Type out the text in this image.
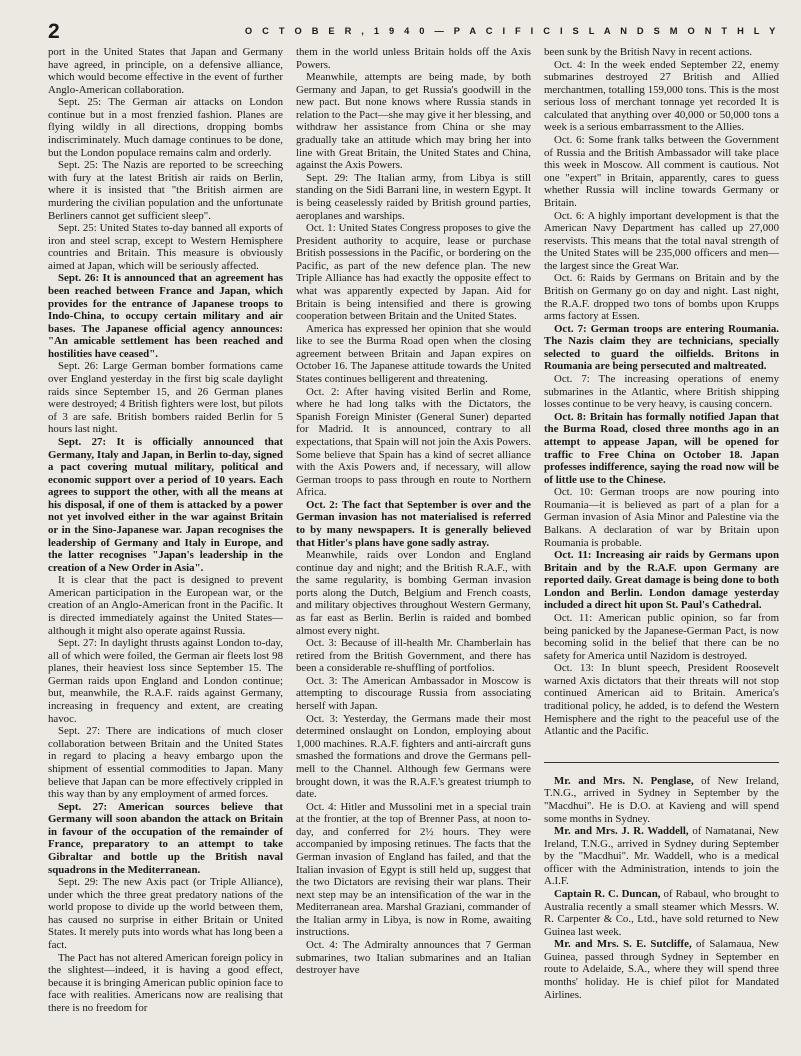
2	O C T O B E R , 1 9 4 0 — P A C I F I C I S L A N D S M O N T H L Y

port in the United States that Japan and Germany have agreed, in principle, on a defensive alliance, which would become effective in the event of further Anglo-American collaboration.

Sept. 25: The German air attacks on London continue but in a most frenzied fashion. Planes are flying wildly in all directions, dropping bombs indiscriminately. Much damage continues to be done, but the London populace remains calm and orderly.

Sept. 25: The Nazis are reported to be screeching with fury at the latest British air raids on Berlin, where it is insisted that "the British airmen are murdering the civilian population and the unfortunate Berliners cannot get sufficient sleep".

Sept. 25: United States to-day banned all exports of iron and steel scrap, except to Western Hemisphere countries and Britain. This measure is obviously aimed at Japan, which will be seriously affected.

Sept. 26: It is announced that an agreement has been reached between France and Japan, which provides for the entrance of Japanese troops to Indo-China, to occupy certain military and air bases. The Japanese official agency announces: "An amicable settlement has been reached and hostilities have ceased".

Sept. 26: Large German bomber formations came over England yesterday in the first big scale daylight raids since September 15, and 26 German planes were destroyed; 4 British fighters were lost, but pilots of 3 are safe. British bombers raided Berlin for 5 hours last night.

Sept. 27: It is officially announced that Germany, Italy and Japan, in Berlin to-day, signed a pact covering mutual military, political and economic support over a period of 10 years. Each agrees to support the other, with all the means at his disposal, if one of them is attacked by a power not yet involved either in the war against Britain or in the Sino-Japanese war. Japan recognises the leadership of Germany and Italy in Europe, and the latter recognises "Japan's leadership in the creation of a New Order in Asia".

It is clear that the pact is designed to prevent American participation in the European war, or the creation of an Anglo-American front in the Pacific. It is directed immediately against the United States—although it might also operate against Russia.

Sept. 27: In daylight thrusts against London to-day, all of which were foiled, the German air fleets lost 98 planes, their heaviest loss since September 15. The German raids upon England and London continue; but, meanwhile, the R.A.F. raids against Germany, increasing in frequency and extent, are creating havoc.

Sept. 27: There are indications of much closer collaboration between Britain and the United States in regard to placing a heavy embargo upon the shipment of essential commodities to Japan. Many believe that Japan can be more effectively crippled in this way than by any employment of armed forces.

Sept. 27: American sources believe that Germany will soon abandon the attack on Britain in favour of the occupation of the remainder of France, preparatory to an attempt to take Gibraltar and bottle up the British naval squadrons in the Mediterranean.

Sept. 29: The new Axis pact (or Triple Alliance), under which the three great predatory nations of the world propose to divide up the world between them, has caused no surprise in either Britain or United States. It merely puts into words what has long been a fact.

The Pact has not altered American foreign policy in the slightest—indeed, it is having a good effect, because it is bringing American public opinion face to face with realities. Americans now are realising that there is no freedom for

them in the world unless Britain holds off the Axis Powers.

Meanwhile, attempts are being made, by both Germany and Japan, to get Russia's goodwill in the new pact. But none knows where Russia stands in relation to the Pact—she may give it her blessing, and withdraw her assistance from China or she may gradually take an attitude which may bring her into line with Great Britain, the United States and China, against the Axis Powers.

Sept. 29: The Italian army, from Libya is still standing on the Sidi Barrani line, in western Egypt. It is being ceaselessly raided by British ground parties, aeroplanes and warships.

Oct. 1: United States Congress proposes to give the President authority to acquire, lease or purchase British possessions in the Pacific, or bordering on the Pacific, as part of the new defence plan. The new Triple Alliance has had exactly the opposite effect to what was apparently expected by Japan. Aid for Britain is being intensified and there is growing cooperation between Britain and the United States.

America has expressed her opinion that she would like to see the Burma Road open when the closing agreement between Britain and Japan expires on October 16. The Japanese attitude towards the United States continues belligerent and threatening.

Oct. 2: After having visited Berlin and Rome, where he had long talks with the Dictators, the Spanish Foreign Minister (General Suner) departed for Madrid. It is announced, contrary to all expectations, that Spain will not join the Axis Powers. Some believe that Spain has a kind of secret alliance with the Axis Powers and, if necessary, will allow German troops to pass through en route to Northern Africa.

Oct. 2: The fact that September is over and the German invasion has not materialised is referred to by many newspapers. It is generally believed that Hitler's plans have gone sadly astray.

Meanwhile, raids over London and England continue day and night; and the British R.A.F., with the same regularity, is bombing German invasion ports along the Dutch, Belgium and French coasts, and military objectives throughout Western Germany, as far east as Berlin. Berlin is raided and bombed almost every night.

Oct. 3: Because of ill-health Mr. Chamberlain has retired from the British Government, and there has been a considerable re-shuffling of portfolios.

Oct. 3: The American Ambassador in Moscow is attempting to discourage Russia from associating herself with Japan.

Oct. 3: Yesterday, the Germans made their most determined onslaught on London, employing about 1,000 machines. R.A.F. fighters and anti-aircraft guns smashed the formations and drove the Germans pell-mell to the Channel. Although few Germans were brought down, it was the R.A.F.'s greatest triumph to date.

Oct. 4: Hitler and Mussolini met in a special train at the frontier, at the top of Brenner Pass, at noon to-day, and conferred for 2½ hours. They were accompanied by imposing retinues. The facts that the German invasion of England has failed, and that the Italian invasion of Egypt is still held up, suggest that the two Dictators are revising their war plans. Their next step may be an intensification of the war in the Mediterranean area. Marshal Graziani, commander of the Italian army in Libya, is now in Rome, awaiting instructions.

Oct. 4: The Admiralty announces that 7 German submarines, two Italian submarines and an Italian destroyer have

been sunk by the British Navy in recent actions.

Oct. 4: In the week ended September 22, enemy submarines destroyed 27 British and Allied merchantmen, totalling 159,000 tons. This is the most serious loss of merchant tonnage yet recorded It is calculated that anything over 40,000 or 50,000 tons a week is a serious embarrassment to the Allies.

Oct. 6: Some frank talks between the Government of Russia and the British Ambassador will take place this week in Moscow. All comment is cautious. Not one "expert" in Britain, apparently, cares to guess whether Russia will incline towards Germany or Britain.

Oct. 6: A highly important development is that the American Navy Department has called up 27,000 reservists. This means that the total naval strength of the United States will be 235,000 officers and men—the largest since the Great War.

Oct. 6: Raids by Germans on Britain and by the British on Germany go on day and night. Last night, the R.A.F. dropped two tons of bombs upon Krupps arms factory at Essen.

Oct. 7: German troops are entering Roumania. The Nazis claim they are technicians, specially selected to guard the oilfields. Britons in Roumania are being persecuted and maltreated.

Oct. 7: The increasing operations of enemy submarines in the Atlantic, where British shipping losses continue to be very heavy, is causing concern.

Oct. 8: Britain has formally notified Japan that the Burma Road, closed three months ago in an attempt to appease Japan, will be opened for traffic to Free China on October 18. Japan professes indifference, saying the road now will be of little use to the Chinese.

Oct. 10: German troops are now pouring into Roumania—it is believed as part of a plan for a German invasion of Asia Minor and Palestine via the Balkans. A declaration of war by Britain upon Roumania is probable.

Oct. 11: Increasing air raids by Germans upon Britain and by the R.A.F. upon Germany are reported daily. Great damage is being done to both London and Berlin. London damage yesterday included a direct hit upon St. Paul's Cathedral.

Oct. 11: American public opinion, so far from being panicked by the Japanese-German Pact, is now becoming solid in the belief that there can be no safety for America until Nazidom is destroyed.

Oct. 13: In blunt speech, President Roosevelt warned Axis dictators that their threats will not stop continued American aid to Britain. America's traditional policy, he added, is to defend the Western Hemisphere and the right to the peaceful use of the Atlantic and the Pacific.

Mr. and Mrs. N. Penglase, of New Ireland, T.N.G., arrived in Sydney in September by the "Macdhui". He is D.O. at Kavieng and will spend some months in Sydney.

Mr. and Mrs. J. R. Waddell, of Namatanai, New Ireland, T.N.G., arrived in Sydney during September by the "Macdhui". Mr. Waddell, who is a medical officer with the Administration, intends to join the A.I.F.

Captain R. C. Duncan, of Rabaul, who brought to Australia recently a small steamer which Messrs. W. R. Carpenter & Co., Ltd., have sold returned to New Guinea last week.

Mr. and Mrs. S. E. Sutcliffe, of Salamaua, New Guinea, passed through Sydney in September en route to Adelaide, S.A., where they will spend three months' holiday. He is chief pilot for Mandated Airlines.
